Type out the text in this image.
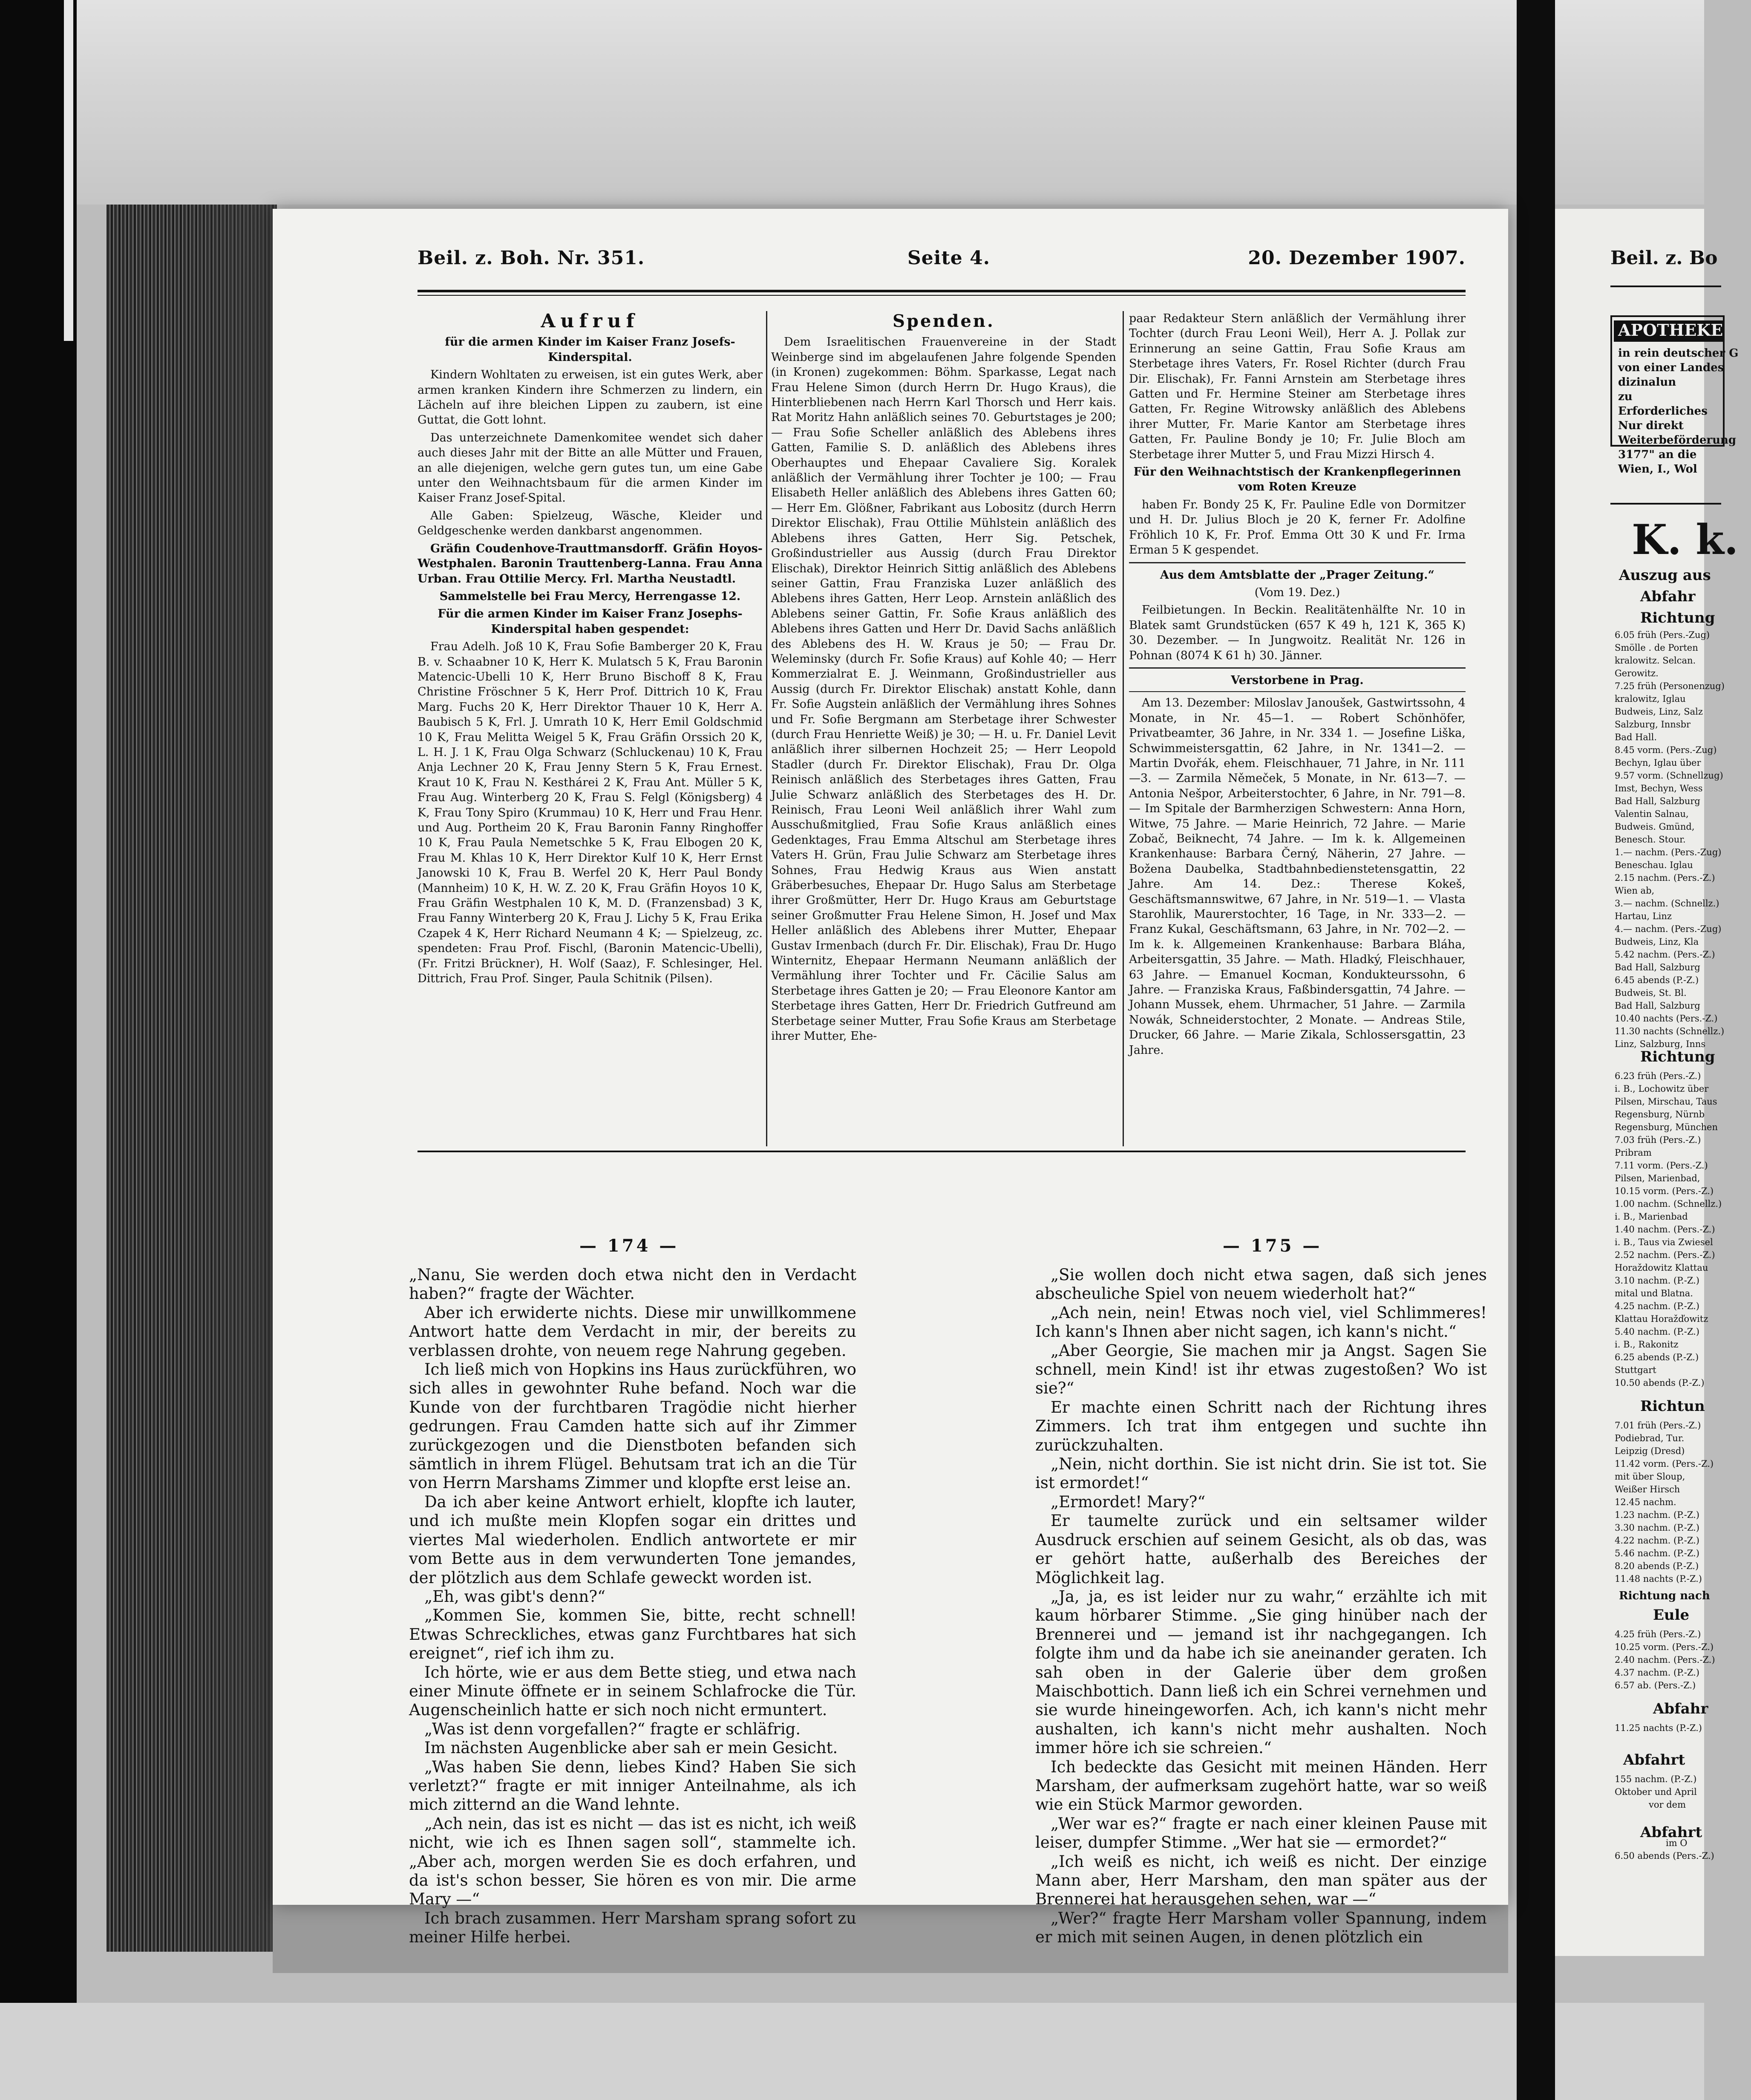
Beil. z. Boh. Nr. 351.	Seite 4.	20. Dezember 1907.
Aufruf

für die armen Kinder im Kaiser Franz Josefs-Kinderspital.

Kindern Wohltaten zu erweisen, ist ein gutes Werk, aber armen kranken Kindern ihre Schmerzen zu lindern, ein Lächeln auf ihre bleichen Lippen zu zaubern, ist eine Guttat, die Gott lohnt.

Das unterzeichnete Damenkomitee wendet sich daher auch dieses Jahr mit der Bitte an alle Mütter und Frauen, an alle diejenigen, welche gern gutes tun, um eine Gabe unter den Weihnachtsbaum für die armen Kinder im Kaiser Franz Josef-Spital.

Alle Gaben: Spielzeug, Wäsche, Kleider und Geldgeschenke werden dankbarst angenommen.

Gräfin Coudenhove-Trauttmansdorff. Gräfin Hoyos-Westphalen. Baronin Trauttenberg-Lanna. Frau Anna Urban. Frau Ottilie Mercy. Frl. Martha Neustadtl.

Sammelstelle bei Frau Mercy, Herrengasse 12.

Für die armen Kinder im Kaiser Franz Josephs-Kinderspital haben gespendet:

Frau Adelh. Joß 10 K, Frau Sofie Bamberger 20 K, Frau B. v. Schaabner 10 K, Herr K. Mulatsch 5 K, Frau Baronin Matencic-Ubelli 10 K, Herr Bruno Bischoff 8 K, Frau Christine Fröschner 5 K, Herr Prof. Dittrich 10 K, Frau Marg. Fuchs 20 K, Herr Direktor Thauer 10 K, Herr A. Baubisch 5 K, Frl. J. Umrath 10 K, Herr Emil Goldschmid 10 K, Frau Melitta Weigel 5 K, Frau Gräfin Orssich 20 K, L. H. J. 1 K, Frau Olga Schwarz (Schluckenau) 10 K, Frau Anja Lechner 20 K, Frau Jenny Stern 5 K, Frau Ernest. Kraut 10 K, Frau N. Kesthárei 2 K, Frau Ant. Müller 5 K, Frau Aug. Winterberg 20 K, Frau S. Felgl (Königsberg) 4 K, Frau Tony Spiro (Krummau) 10 K, Herr und Frau Henr. und Aug. Portheim 20 K, Frau Baronin Fanny Ringhoffer 10 K, Frau Paula Nemetschke 5 K, Frau Elbogen 20 K, Frau M. Khlas 10 K, Herr Direktor Kulf 10 K, Herr Ernst Janowski 10 K, Frau B. Werfel 20 K, Herr Paul Bondy (Mannheim) 10 K, H. W. Z. 20 K, Frau Gräfin Hoyos 10 K, Frau Gräfin Westphalen 10 K, M. D. (Franzensbad) 3 K, Frau Fanny Winterberg 20 K, Frau J. Lichy 5 K, Frau Erika Czapek 4 K, Herr Richard Neumann 4 K; — Spielzeug, zc. spendeten: Frau Prof. Fischl, (Baronin Matencic-Ubelli), (Fr. Fritzi Brückner), H. Wolf (Saaz), F. Schlesinger, Hel. Dittrich, Frau Prof. Singer, Paula Schitnik (Pilsen).

Spenden.

Dem Israelitischen Frauenvereine in der Stadt Weinberge sind im abgelaufenen Jahre folgende Spenden (in Kronen) zugekommen: Böhm. Sparkasse, Legat nach Frau Helene Simon (durch Herrn Dr. Hugo Kraus), die Hinterbliebenen nach Herrn Karl Thorsch und Herr kais. Rat Moritz Hahn anläßlich seines 70. Geburtstages je 200; — Frau Sofie Scheller anläßlich des Ablebens ihres Gatten, Familie S. D. anläßlich des Ablebens ihres Oberhauptes und Ehepaar Cavaliere Sig. Koralek anläßlich der Vermählung ihrer Tochter je 100; — Frau Elisabeth Heller anläßlich des Ablebens ihres Gatten 60; — Herr Em. Glößner, Fabrikant aus Lobositz (durch Herrn Direktor Elischak), Frau Ottilie Mühlstein anläßlich des Ablebens ihres Gatten, Herr Sig. Petschek, Großindustrieller aus Aussig (durch Frau Direktor Elischak), Direktor Heinrich Sittig anläßlich des Ablebens seiner Gattin, Frau Franziska Luzer anläßlich des Ablebens ihres Gatten, Herr Leop. Arnstein anläßlich des Ablebens seiner Gattin, Fr. Sofie Kraus anläßlich des Ablebens ihres Gatten und Herr Dr. David Sachs anläßlich des Ablebens des H. W. Kraus je 50; — Frau Dr. Weleminsky (durch Fr. Sofie Kraus) auf Kohle 40; — Herr Kommerzialrat E. J. Weinmann, Großindustrieller aus Aussig (durch Fr. Direktor Elischak) anstatt Kohle, dann Fr. Sofie Augstein anläßlich der Vermählung ihres Sohnes und Fr. Sofie Bergmann am Sterbetage ihrer Schwester (durch Frau Henriette Weiß) je 30; — H. u. Fr. Daniel Levit anläßlich ihrer silbernen Hochzeit 25; — Herr Leopold Stadler (durch Fr. Direktor Elischak), Frau Dr. Olga Reinisch anläßlich des Sterbetages ihres Gatten, Frau Julie Schwarz anläßlich des Sterbetages des H. Dr. Reinisch, Frau Leoni Weil anläßlich ihrer Wahl zum Ausschußmitglied, Frau Sofie Kraus anläßlich eines Gedenktages, Frau Emma Altschul am Sterbetage ihres Vaters H. Grün, Frau Julie Schwarz am Sterbetage ihres Sohnes, Frau Hedwig Kraus aus Wien anstatt Gräberbesuches, Ehepaar Dr. Hugo Salus am Sterbetage ihrer Großmütter, Herr Dr. Hugo Kraus am Geburtstage seiner Großmutter Frau Helene Simon, H. Josef und Max Heller anläßlich des Ablebens ihrer Mutter, Ehepaar Gustav Irmenbach (durch Fr. Dir. Elischak), Frau Dr. Hugo Winternitz, Ehepaar Hermann Neumann anläßlich der Vermählung ihrer Tochter und Fr. Cäcilie Salus am Sterbetage ihres Gatten je 20; — Frau Eleonore Kantor am Sterbetage ihres Gatten, Herr Dr. Friedrich Gutfreund am Sterbetage seiner Mutter, Frau Sofie Kraus am Sterbetage ihrer Mutter, Ehe-

paar Redakteur Stern anläßlich der Vermählung ihrer Tochter (durch Frau Leoni Weil), Herr A. J. Pollak zur Erinnerung an seine Gattin, Frau Sofie Kraus am Sterbetage ihres Vaters, Fr. Rosel Richter (durch Frau Dir. Elischak), Fr. Fanni Arnstein am Sterbetage ihres Gatten und Fr. Hermine Steiner am Sterbetage ihres Gatten, Fr. Regine Witrowsky anläßlich des Ablebens ihrer Mutter, Fr. Marie Kantor am Sterbetage ihres Gatten, Fr. Pauline Bondy je 10; Fr. Julie Bloch am Sterbetage ihrer Mutter 5, und Frau Mizzi Hirsch 4.

Für den Weihnachtstisch der Krankenpflegerinnen vom Roten Kreuze

haben Fr. Bondy 25 K, Fr. Pauline Edle von Dormitzer und H. Dr. Julius Bloch je 20 K, ferner Fr. Adolfine Fröhlich 10 K, Fr. Prof. Emma Ott 30 K und Fr. Irma Erman 5 K gespendet.

Aus dem Amtsblatte der „Prager Zeitung.“

(Vom 19. Dez.)

Feilbietungen. In Beckin. Realitätenhälfte Nr. 10 in Blatek samt Grundstücken (657 K 49 h, 121 K, 365 K) 30. Dezember. — In Jungwoitz. Realität Nr. 126 in Pohnan (8074 K 61 h) 30. Jänner.

Verstorbene in Prag.

Am 13. Dezember: Miloslav Janoušek, Gastwirtssohn, 4 Monate, in Nr. 45—1. — Robert Schönhöfer, Privatbeamter, 36 Jahre, in Nr. 334 1. — Josefine Liška, Schwimmeistersgattin, 62 Jahre, in Nr. 1341—2. — Martin Dvořák, ehem. Fleischhauer, 71 Jahre, in Nr. 111—3. — Zarmila Němeček, 5 Monate, in Nr. 613—7. — Antonia Nešpor, Arbeiterstochter, 6 Jahre, in Nr. 791—8. — Im Spitale der Barmherzigen Schwestern: Anna Horn, Witwe, 75 Jahre. — Marie Heinrich, 72 Jahre. — Marie Zobač, Beiknecht, 74 Jahre. — Im k. k. Allgemeinen Krankenhause: Barbara Černý, Näherin, 27 Jahre. — Božena Daubelka, Stadtbahnbedienstetensgattin, 22 Jahre. Am 14. Dez.: Therese Kokeš, Geschäftsmannswitwe, 67 Jahre, in Nr. 519—1. — Vlasta Starohlik, Maurerstochter, 16 Tage, in Nr. 333—2. — Franz Kukal, Geschäftsmann, 63 Jahre, in Nr. 702—2. — Im k. k. Allgemeinen Krankenhause: Barbara Bláha, Arbeitersgattin, 35 Jahre. — Math. Hladký, Fleischhauer, 63 Jahre. — Emanuel Kocman, Kondukteurssohn, 6 Jahre. — Franziska Kraus, Faßbindersgattin, 74 Jahre. — Johann Mussek, ehem. Uhrmacher, 51 Jahre. — Zarmila Nowák, Schneiderstochter, 2 Monate. — Andreas Stile, Drucker, 66 Jahre. — Marie Zikala, Schlossersgattin, 23 Jahre.

— 174 —	— 175 —

„Nanu, Sie werden doch etwa nicht den in Verdacht haben?“ fragte der Wächter.

Aber ich erwiderte nichts. Diese mir unwillkommene Antwort hatte dem Verdacht in mir, der bereits zu verblassen drohte, von neuem rege Nahrung gegeben.

Ich ließ mich von Hopkins ins Haus zurückführen, wo sich alles in gewohnter Ruhe befand. Noch war die Kunde von der furchtbaren Tragödie nicht hierher gedrungen. Frau Camden hatte sich auf ihr Zimmer zurückgezogen und die Dienstboten befanden sich sämtlich in ihrem Flügel. Behutsam trat ich an die Tür von Herrn Marshams Zimmer und klopfte erst leise an.

Da ich aber keine Antwort erhielt, klopfte ich lauter, und ich mußte mein Klopfen sogar ein drittes und viertes Mal wiederholen. Endlich antwortete er mir vom Bette aus in dem verwunderten Tone jemandes, der plötzlich aus dem Schlafe geweckt worden ist.

„Eh, was gibt's denn?“

„Kommen Sie, kommen Sie, bitte, recht schnell! Etwas Schreckliches, etwas ganz Furchtbares hat sich ereignet“, rief ich ihm zu.

Ich hörte, wie er aus dem Bette stieg, und etwa nach einer Minute öffnete er in seinem Schlafrocke die Tür. Augenscheinlich hatte er sich noch nicht ermuntert.

„Was ist denn vorgefallen?“ fragte er schläfrig.

Im nächsten Augenblicke aber sah er mein Gesicht.

„Was haben Sie denn, liebes Kind? Haben Sie sich verletzt?“ fragte er mit inniger Anteilnahme, als ich mich zitternd an die Wand lehnte.

„Ach nein, das ist es nicht — das ist es nicht, ich weiß nicht, wie ich es Ihnen sagen soll“, stammelte ich. „Aber ach, morgen werden Sie es doch erfahren, und da ist's schon besser, Sie hören es von mir. Die arme Mary —“

Ich brach zusammen. Herr Marsham sprang sofort zu meiner Hilfe herbei.

„Sie wollen doch nicht etwa sagen, daß sich jenes abscheuliche Spiel von neuem wiederholt hat?“

„Ach nein, nein! Etwas noch viel, viel Schlimmeres! Ich kann's Ihnen aber nicht sagen, ich kann's nicht.“

„Aber Georgie, Sie machen mir ja Angst. Sagen Sie schnell, mein Kind! ist ihr etwas zugestoßen? Wo ist sie?“

Er machte einen Schritt nach der Richtung ihres Zimmers. Ich trat ihm entgegen und suchte ihn zurückzuhalten.

„Nein, nicht dorthin. Sie ist nicht drin. Sie ist tot. Sie ist ermordet!“

„Ermordet! Mary?“

Er taumelte zurück und ein seltsamer wilder Ausdruck erschien auf seinem Gesicht, als ob das, was er gehört hatte, außerhalb des Bereiches der Möglichkeit lag.

„Ja, ja, es ist leider nur zu wahr,“ erzählte ich mit kaum hörbarer Stimme. „Sie ging hinüber nach der Brennerei und — jemand ist ihr nachgegangen. Ich folgte ihm und da habe ich sie aneinander geraten. Ich sah oben in der Galerie über dem großen Maischbottich. Dann ließ ich ein Schrei vernehmen und sie wurde hineingeworfen. Ach, ich kann's nicht mehr aushalten, ich kann's nicht mehr aushalten. Noch immer höre ich sie schreien.“

Ich bedeckte das Gesicht mit meinen Händen. Herr Marsham, der aufmerksam zugehört hatte, war so weiß wie ein Stück Marmor geworden.

„Wer war es?“ fragte er nach einer kleinen Pause mit leiser, dumpfer Stimme. „Wer hat sie — ermordet?“

„Ich weiß es nicht, ich weiß es nicht. Der einzige Mann aber, Herr Marsham, den man später aus der Brennerei hat herausgehen sehen, war —“

„Wer?“ fragte Herr Marsham voller Spannung, indem er mich mit seinen Augen, in denen plötzlich ein

Beil. z. Bo
APOTHEKE
in rein deutscher G
von einer Landes
dizinalun
zu
Erforderliches
Nur direkt
Weiterbeförderung
3177" an die
Wien, I., Wol
K. k.
Auszug aus
Abfahr
Richtung
6.05 früh (Pers.-Zug)
Smölle . de Porten
kralowitz. Selcan.
Gerowitz.
7.25 früh (Personenzug)
kralowitz, Iglau
Budweis, Linz, Salz
Salzburg, Innsbr
Bad Hall.
8.45 vorm. (Pers.-Zug)
Bechyn, Iglau über
9.57 vorm. (Schnellzug)
Imst, Bechyn, Wess
Bad Hall, Salzburg
Valentin Salnau,
Budweis. Gmünd,
Benesch. Stour.
1.— nachm. (Pers.-Zug)
Beneschau. Iglau
2.15 nachm. (Pers.-Z.)
Wien ab,
3.— nachm. (Schnellz.)
Hartau, Linz
4.— nachm. (Pers.-Zug)
Budweis, Linz, Kla
5.42 nachm. (Pers.-Z.)
Bad Hall, Salzburg
6.45 abends (P.-Z.)
Budweis, St. Bl.
Bad Hall, Salzburg
10.40 nachts (Pers.-Z.)
11.30 nachts (Schnellz.)
Linz, Salzburg, Inns
Richtung
6.23 früh (Pers.-Z.)
i. B., Lochowitz über
Pilsen, Mirschau, Taus
Regensburg, Nürnb
Regensburg, München
7.03 früh (Pers.-Z.)
Pribram
7.11 vorm. (Pers.-Z.)
Pilsen, Marienbad,
10.15 vorm. (Pers.-Z.)
1.00 nachm. (Schnellz.)
i. B., Marienbad
1.40 nachm. (Pers.-Z.)
i. B., Taus via Zwiesel
2.52 nachm. (Pers.-Z.)
Horaždowitz Klattau
3.10 nachm. (P.-Z.)
mital und Blatna.
4.25 nachm. (P.-Z.)
Klattau Horažďowitz
5.40 nachm. (P.-Z.)
i. B., Rakonitz
6.25 abends (P.-Z.)
Stuttgart
10.50 abends (P.-Z.)
Richtun
7.01 früh (Pers.-Z.)
Podiebrad, Tur.
Leipzig (Dresd)
11.42 vorm. (Pers.-Z.)
mit über Sloup,
Weißer Hirsch
12.45 nachm.
1.23 nachm. (P.-Z.)
3.30 nachm. (P.-Z.)
4.22 nachm. (P.-Z.)
5.46 nachm. (P.-Z.)
8.20 abends (P.-Z.)
11.48 nachts (P.-Z.)
Richtung nach
Eule
4.25 früh (Pers.-Z.)
10.25 vorm. (Pers.-Z.)
2.40 nachm. (Pers.-Z.)
4.37 nachm. (P.-Z.)
6.57 ab. (Pers.-Z.)
Abfahr
Abfahrt
Abfahrt
11.25 nachts (P.-Z.)
155 nachm. (P.-Z.)
Oktober und April
vor dem
im O
6.50 abends (Pers.-Z.)
